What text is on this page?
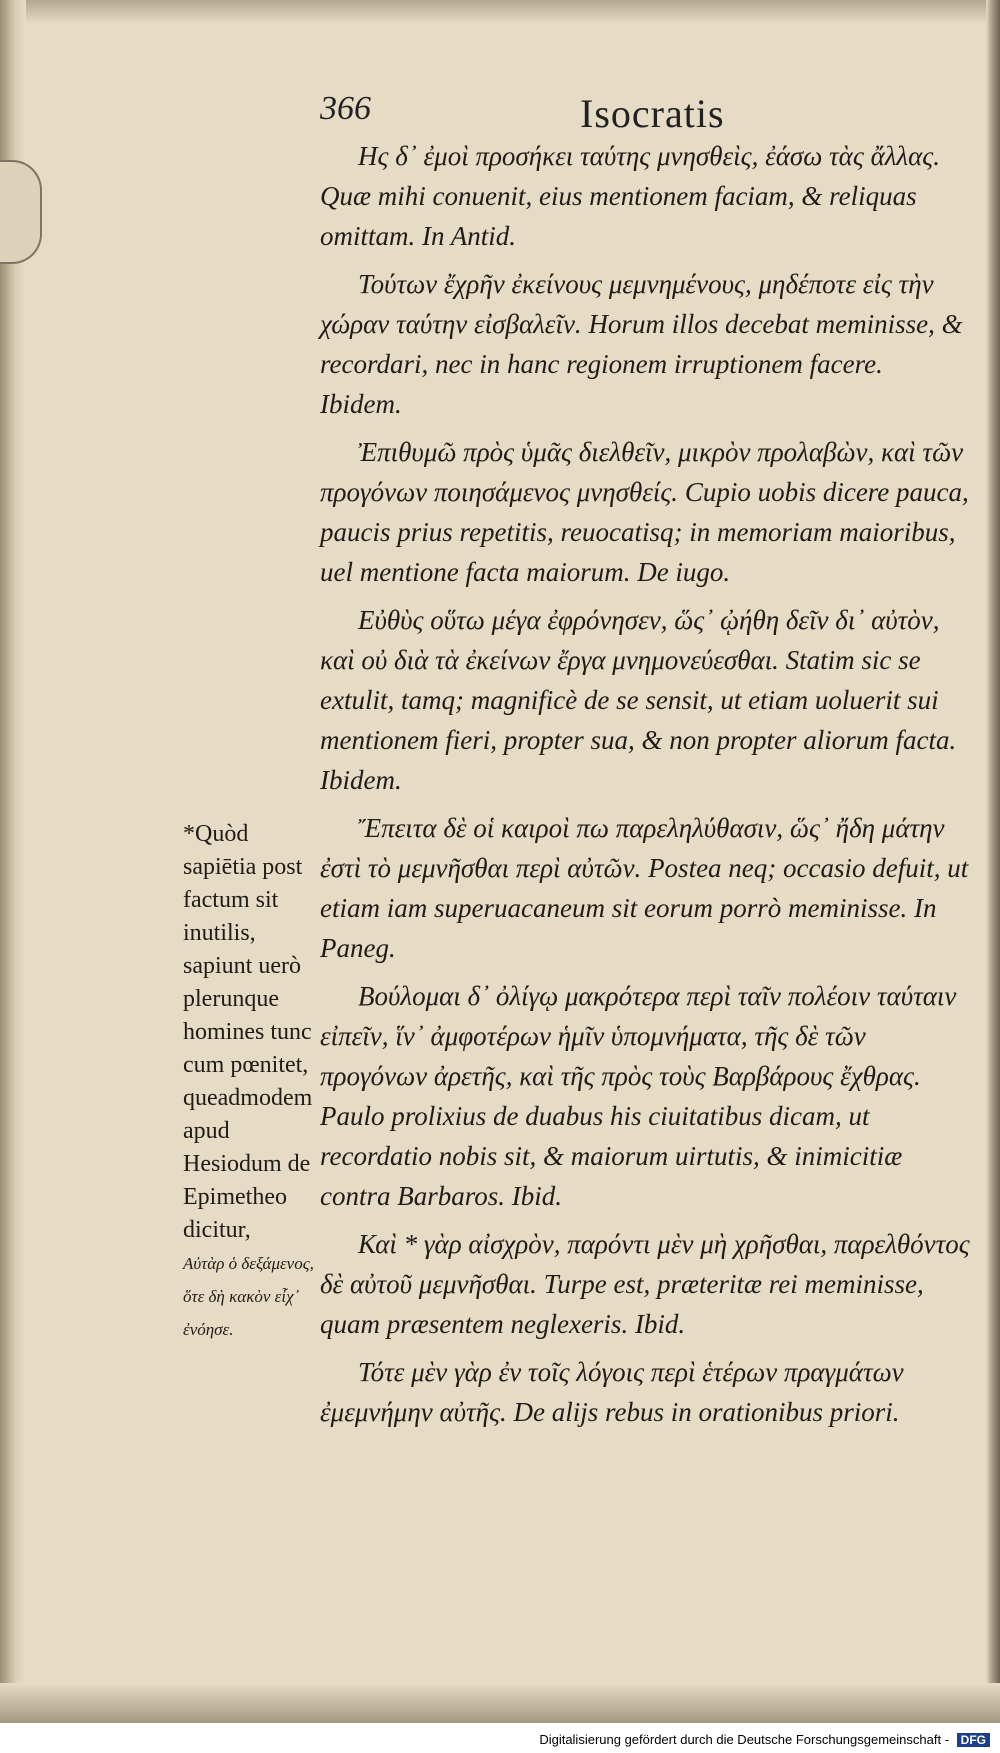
366	Isocratis

Ης δ᾽ ἐμοὶ προσήκει ταύτης μνησθεὶς, ἐάσω τὰς ἄλλας. Quæ mihi conuenit, eius mentionem faciam, & reliquas omittam. In Antid.

Τούτων ἔχρῆν ἐκείνους μεμνημένους, μηδέποτε εἰς τὴν χώραν ταύτην εἰσβαλεῖν. Horum illos decebat meminisse, & recordari, nec in hanc regionem irruptionem facere. Ibidem.

Ἐπιθυμῶ πρὸς ὑμᾶς διελθεῖν, μικρὸν προλαβὼν, καὶ τῶν προγόνων ποιησάμενος μνησθείς. Cupio uobis dicere pauca, paucis prius repetitis, reuocatisq; in memoriam maioribus, uel mentione facta maiorum. De iugo.

Εὐθὺς οὕτω μέγα ἐφρόνησεν, ὥς᾽ ᾠήθη δεῖν δι᾽ αὐτὸν, καὶ οὐ διὰ τὰ ἐκείνων ἔργα μνημονεύεσθαι. Statim sic se extulit, tamq; magnificè de se sensit, ut etiam uoluerit sui mentionem fieri, propter sua, & non propter aliorum facta. Ibidem.

Ἔπειτα δὲ οἱ καιροὶ πω παρεληλύθασιν, ὥς᾽ ἤδη μάτην ἐστὶ τὸ μεμνῆσθαι περὶ αὐτῶν. Postea neq; occasio defuit, ut etiam iam superuacaneum sit eorum porrò meminisse. In Paneg.

Βούλομαι δ᾽ ὀλίγῳ μακρότερα περὶ ταῖν πολέοιν ταύταιν εἰπεῖν, ἵν᾽ ἀμφοτέρων ἡμῖν ὑπομνήματα, τῆς δὲ τῶν προγόνων ἀρετῆς, καὶ τῆς πρὸς τοὺς Βαρβάρους ἔχθρας. Paulo prolixius de duabus his ciuitatibus dicam, ut recordatio nobis sit, & maiorum uirtutis, & inimicitiæ contra Barbaros. Ibid.

Καὶ * γὰρ αἰσχρὸν, παρόντι μὲν μὴ χρῆσθαι, παρελθόντος δὲ αὐτοῦ μεμνῆσθαι. Turpe est, præteritæ rei meminisse, quam præsentem neglexeris. Ibid.

Τότε μὲν γὰρ ἐν τοῖς λόγοις περὶ ἑτέρων πραγμάτων ἐμεμνήμην αὐτῆς. De alijs rebus in orationibus priori.

*Quòd sapiētia post factum sit inutilis, sapiunt uerò plerunque homines tunc cum pœnitet, queadmodem apud Hesiodum de Epimetheo dicitur,
Αὐτὰρ ὁ δεξάμενος, ὅτε δὴ κακὸν εἶχ᾽ ἐνόησε.
Digitalisierung gefördert durch die Deutsche Forschungsgemeinschaft - DFG
